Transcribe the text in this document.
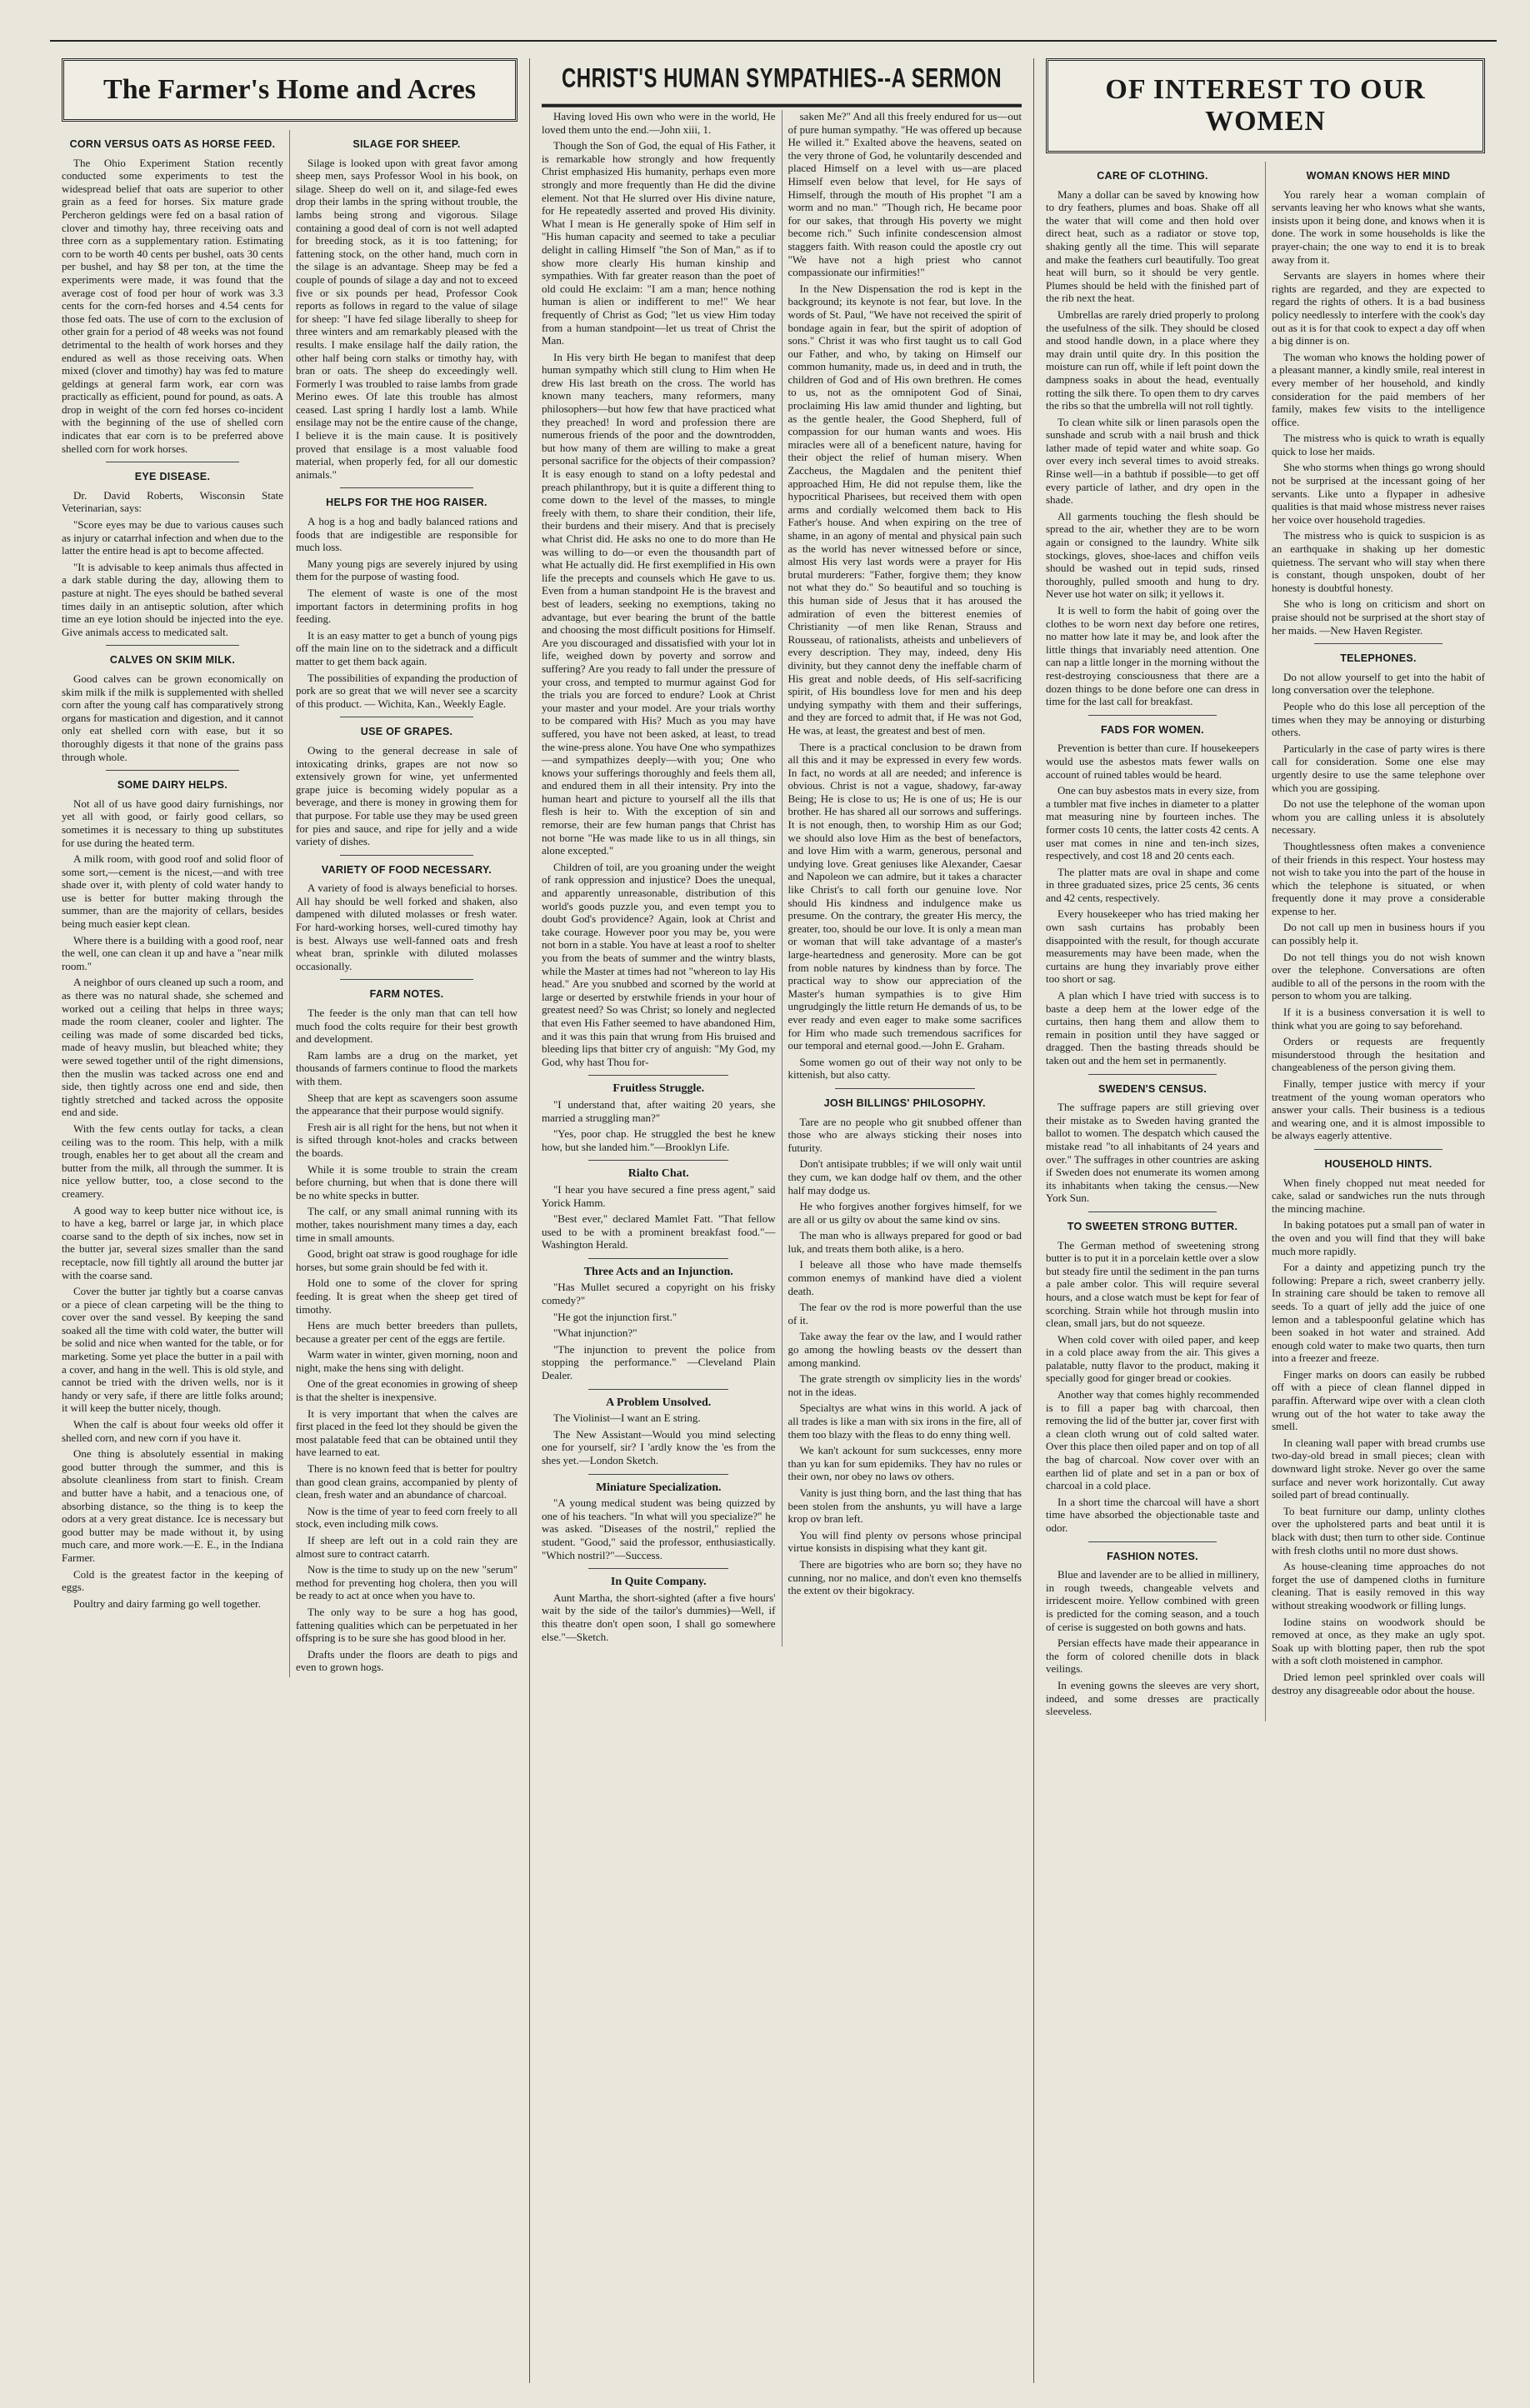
The Farmer's Home and Acres
CORN VERSUS OATS AS HORSE FEED.

The Ohio Experiment Station recently conducted some experiments to test the widespread belief that oats are superior to other grain as a feed for horses. Six mature grade Percheron geldings were fed on a basal ration of clover and timothy hay, three receiving oats and three corn as a supplementary ration. Estimating corn to be worth 40 cents per bushel, oats 30 cents per bushel, and hay $8 per ton, at the time the experiments were made, it was found that the average cost of food per hour of work was 3.3 cents for the corn-fed horses and 4.54 cents for those fed oats. The use of corn to the exclusion of other grain for a period of 48 weeks was not found detrimental to the health of work horses and they endured as well as those receiving oats. When mixed (clover and timothy) hay was fed to mature geldings at general farm work, ear corn was practically as efficient, pound for pound, as oats. A drop in weight of the corn fed horses co-incident with the beginning of the use of shelled corn indicates that ear corn is to be preferred above shelled corn for work horses.

EYE DISEASE.

Dr. David Roberts, Wisconsin State Veterinarian, says:

"Score eyes may be due to various causes such as injury or catarrhal infection and when due to the latter the entire head is apt to become affected.

"It is advisable to keep animals thus affected in a dark stable during the day, allowing them to pasture at night. The eyes should be bathed several times daily in an antiseptic solution, after which time an eye lotion should be injected into the eye. Give animals access to medicated salt.

CALVES ON SKIM MILK.

Good calves can be grown economically on skim milk if the milk is supplemented with shelled corn after the young calf has comparatively strong organs for mastication and digestion, and it cannot only eat shelled corn with ease, but it so thoroughly digests it that none of the grains pass through whole.

SOME DAIRY HELPS.

Not all of us have good dairy furnishings, nor yet all with good, or fairly good cellars, so sometimes it is necessary to thing up substitutes for use during the heated term.

A milk room, with good roof and solid floor of some sort,—cement is the nicest,—and with tree shade over it, with plenty of cold water handy to use is better for butter making through the summer, than are the majority of cellars, besides being much easier kept clean.

Where there is a building with a good roof, near the well, one can clean it up and have a "near milk room."

A neighbor of ours cleaned up such a room, and as there was no natural shade, she schemed and worked out a ceiling that helps in three ways; made the room cleaner, cooler and lighter. The ceiling was made of some discarded bed ticks, made of heavy muslin, but bleached white; they were sewed together until of the right dimensions, then the muslin was tacked across one end and side, then tightly across one end and side, then tightly stretched and tacked across the opposite end and side.

With the few cents outlay for tacks, a clean ceiling was to the room. This help, with a milk trough, enables her to get about all the cream and butter from the milk, all through the summer. It is nice yellow butter, too, a close second to the creamery.

A good way to keep butter nice without ice, is to have a keg, barrel or large jar, in which place coarse sand to the depth of six inches, now set in the butter jar, several sizes smaller than the sand receptacle, now fill tightly all around the butter jar with the coarse sand.

Cover the butter jar tightly but a coarse canvas or a piece of clean carpeting will be the thing to cover over the sand vessel. By keeping the sand soaked all the time with cold water, the butter will be solid and nice when wanted for the table, or for marketing. Some yet place the butter in a pail with a cover, and hang in the well. This is old style, and cannot be tried with the driven wells, nor is it handy or very safe, if there are little folks around; it will keep the butter nicely, though.

When the calf is about four weeks old offer it shelled corn, and new corn if you have it.

One thing is absolutely essential in making good butter through the summer, and this is absolute cleanliness from start to finish. Cream and butter have a habit, and a tenacious one, of absorbing distance, so the thing is to keep the odors at a very great distance. Ice is necessary but good butter may be made without it, by using much care, and more work.—E. E., in the Indiana Farmer.

Cold is the greatest factor in the keeping of eggs.

Poultry and dairy farming go well together.

SILAGE FOR SHEEP.

Silage is looked upon with great favor among sheep men, says Professor Wool in his book, on silage. Sheep do well on it, and silage-fed ewes drop their lambs in the spring without trouble, the lambs being strong and vigorous. Silage containing a good deal of corn is not well adapted for breeding stock, as it is too fattening; for fattening stock, on the other hand, much corn in the silage is an advantage. Sheep may be fed a couple of pounds of silage a day and not to exceed five or six pounds per head, Professor Cook reports as follows in regard to the value of silage for sheep: "I have fed silage liberally to sheep for three winters and am remarkably pleased with the results. I make ensilage half the daily ration, the other half being corn stalks or timothy hay, with bran or oats. The sheep do exceedingly well. Formerly I was troubled to raise lambs from grade Merino ewes. Of late this trouble has almost ceased. Last spring I hardly lost a lamb. While ensilage may not be the entire cause of the change, I believe it is the main cause. It is positively proved that ensilage is a most valuable food material, when properly fed, for all our domestic animals."

HELPS FOR THE HOG RAISER.

A hog is a hog and badly balanced rations and foods that are indigestible are responsible for much loss.

Many young pigs are severely injured by using them for the purpose of wasting food.

The element of waste is one of the most important factors in determining profits in hog feeding.

It is an easy matter to get a bunch of young pigs off the main line on to the sidetrack and a difficult matter to get them back again.

The possibilities of expanding the production of pork are so great that we will never see a scarcity of this product. — Wichita, Kan., Weekly Eagle.

USE OF GRAPES.

Owing to the general decrease in sale of intoxicating drinks, grapes are not now so extensively grown for wine, yet unfermented grape juice is becoming widely popular as a beverage, and there is money in growing them for that purpose. For table use they may be used green for pies and sauce, and ripe for jelly and a wide variety of dishes.

VARIETY OF FOOD NECESSARY.

A variety of food is always beneficial to horses. All hay should be well forked and shaken, also dampened with diluted molasses or fresh water. For hard-working horses, well-cured timothy hay is best. Always use well-fanned oats and fresh wheat bran, sprinkle with diluted molasses occasionally.

FARM NOTES.

The feeder is the only man that can tell how much food the colts require for their best growth and development.

Ram lambs are a drug on the market, yet thousands of farmers continue to flood the markets with them.

Sheep that are kept as scavengers soon assume the appearance that their purpose would signify.

Fresh air is all right for the hens, but not when it is sifted through knot-holes and cracks between the boards.

While it is some trouble to strain the cream before churning, but when that is done there will be no white specks in butter.

The calf, or any small animal running with its mother, takes nourishment many times a day, each time in small amounts.

Good, bright oat straw is good roughage for idle horses, but some grain should be fed with it.

Hold one to some of the clover for spring feeding. It is great when the sheep get tired of timothy.

Hens are much better breeders than pullets, because a greater per cent of the eggs are fertile.

Warm water in winter, given morning, noon and night, make the hens sing with delight.

One of the great economies in growing of sheep is that the shelter is inexpensive.

It is very important that when the calves are first placed in the feed lot they should be given the most palatable feed that can be obtained until they have learned to eat.

There is no known feed that is better for poultry than good clean grains, accompanied by plenty of clean, fresh water and an abundance of charcoal.

Now is the time of year to feed corn freely to all stock, even including milk cows.

If sheep are left out in a cold rain they are almost sure to contract catarrh.

Now is the time to study up on the new "serum" method for preventing hog cholera, then you will be ready to act at once when you have to.

The only way to be sure a hog has good, fattening qualities which can be perpetuated in her offspring is to be sure she has good blood in her.

Drafts under the floors are death to pigs and even to grown hogs.

CHRIST'S HUMAN SYMPATHIES--A SERMON

Having loved His own who were in the world, He loved them unto the end.—John xiii, 1.

Though the Son of God, the equal of His Father, it is remarkable how strongly and how frequently Christ emphasized His humanity, perhaps even more strongly and more frequently than He did the divine element. Not that He slurred over His divine nature, for He repeatedly asserted and proved His divinity. What I mean is He generally spoke of Him self in "His human capacity and seemed to take a peculiar delight in calling Himself "the Son of Man," as if to show more clearly His human kinship and sympathies. With far greater reason than the poet of old could He exclaim: "I am a man; hence nothing human is alien or indifferent to me!" We hear frequently of Christ as God; "let us view Him today from a human standpoint—let us treat of Christ the Man.

In His very birth He began to manifest that deep human sympathy which still clung to Him when He drew His last breath on the cross. The world has known many teachers, many reformers, many philosophers—but how few that have practiced what they preached! In word and profession there are numerous friends of the poor and the downtrodden, but how many of them are willing to make a great personal sacrifice for the objects of their compassion? It is easy enough to stand on a lofty pedestal and preach philanthropy, but it is quite a different thing to come down to the level of the masses, to mingle freely with them, to share their condition, their life, their burdens and their misery. And that is precisely what Christ did. He asks no one to do more than He was willing to do—or even the thousandth part of what He actually did. He first exemplified in His own life the precepts and counsels which He gave to us. Even from a human standpoint He is the bravest and best of leaders, seeking no exemptions, taking no advantage, but ever bearing the brunt of the battle and choosing the most difficult positions for Himself. Are you discouraged and dissatisfied with your lot in life, weighed down by poverty and sorrow and suffering? Are you ready to fall under the pressure of your cross, and tempted to murmur against God for the trials you are forced to endure? Look at Christ your master and your model. Are your trials worthy to be compared with His? Much as you may have suffered, you have not been asked, at least, to tread the wine-press alone. You have One who sympathizes—and sympathizes deeply—with you; One who knows your sufferings thoroughly and feels them all, and endured them in all their intensity. Pry into the human heart and picture to yourself all the ills that flesh is heir to. With the exception of sin and remorse, their are few human pangs that Christ has not borne "He was made like to us in all things, sin alone excepted."

Children of toil, are you groaning under the weight of rank oppression and injustice? Does the unequal, and apparently unreasonable, distribution of this world's goods puzzle you, and even tempt you to doubt God's providence? Again, look at Christ and take courage. However poor you may be, you were not born in a stable. You have at least a roof to shelter you from the beats of summer and the wintry blasts, while the Master at times had not "whereon to lay His head." Are you snubbed and scorned by the world at large or deserted by erstwhile friends in your hour of greatest need? So was Christ; so lonely and neglected that even His Father seemed to have abandoned Him, and it was this pain that wrung from His bruised and bleeding lips that bitter cry of anguish: "My God, my God, why hast Thou for-

Fruitless Struggle.

"I understand that, after waiting 20 years, she married a struggling man?"

"Yes, poor chap. He struggled the best he knew how, but she landed him."—Brooklyn Life.

Rialto Chat.

"I hear you have secured a fine press agent," said Yorick Hamm.

"Best ever," declared Mamlet Fatt. "That fellow used to be with a prominent breakfast food."—Washington Herald.

Three Acts and an Injunction.

"Has Mullet secured a copyright on his frisky comedy?"

"He got the injunction first."

"What injunction?"

"The injunction to prevent the police from stopping the performance." —Cleveland Plain Dealer.

A Problem Unsolved.

The Violinist—I want an E string.

The New Assistant—Would you mind selecting one for yourself, sir? I 'ardly know the 'es from the shes yet.—London Sketch.

Miniature Specialization.

"A young medical student was being quizzed by one of his teachers. "In what will you specialize?" he was asked. "Diseases of the nostril," replied the student. "Good," said the professor, enthusiastically. "Which nostril?"—Success.

In Quite Company.

Aunt Martha, the short-sighted (after a five hours' wait by the side of the tailor's dummies)—Well, if this theatre don't open soon, I shall go somewhere else."—Sketch.

saken Me?" And all this freely endured for us—out of pure human sympathy. "He was offered up because He willed it." Exalted above the heavens, seated on the very throne of God, he voluntarily descended and placed Himself on a level with us—are placed Himself even below that level, for He says of Himself, through the mouth of His prophet "I am a worm and no man." "Though rich, He became poor for our sakes, that through His poverty we might become rich." Such infinite condescension almost staggers faith. With reason could the apostle cry out "We have not a high priest who cannot compassionate our infirmities!"

In the New Dispensation the rod is kept in the background; its keynote is not fear, but love. In the words of St. Paul, "We have not received the spirit of bondage again in fear, but the spirit of adoption of sons." Christ it was who first taught us to call God our Father, and who, by taking on Himself our common humanity, made us, in deed and in truth, the children of God and of His own brethren. He comes to us, not as the omnipotent God of Sinai, proclaiming His law amid thunder and lighting, but as the gentle healer, the Good Shepherd, full of compassion for our human wants and woes. His miracles were all of a beneficent nature, having for their object the relief of human misery. When Zaccheus, the Magdalen and the penitent thief approached Him, He did not repulse them, like the hypocritical Pharisees, but received them with open arms and cordially welcomed them back to His Father's house. And when expiring on the tree of shame, in an agony of mental and physical pain such as the world has never witnessed before or since, almost His very last words were a prayer for His brutal murderers: "Father, forgive them; they know not what they do." So beautiful and so touching is this human side of Jesus that it has aroused the admiration of even the bitterest enemies of Christianity —of men like Renan, Strauss and Rousseau, of rationalists, atheists and unbelievers of every description. They may, indeed, deny His divinity, but they cannot deny the ineffable charm of His great and noble deeds, of His self-sacrificing spirit, of His boundless love for men and his deep undying sympathy with them and their sufferings, and they are forced to admit that, if He was not God, He was, at least, the greatest and best of men.

There is a practical conclusion to be drawn from all this and it may be expressed in every few words. In fact, no words at all are needed; and inference is obvious. Christ is not a vague, shadowy, far-away Being; He is close to us; He is one of us; He is our brother. He has shared all our sorrows and sufferings. It is not enough, then, to worship Him as our God; we should also love Him as the best of benefactors, and love Him with a warm, generous, personal and undying love. Great geniuses like Alexander, Caesar and Napoleon we can admire, but it takes a character like Christ's to call forth our genuine love. Nor should His kindness and indulgence make us presume. On the contrary, the greater His mercy, the greater, too, should be our love. It is only a mean man or woman that will take advantage of a master's large-heartedness and generosity. More can be got from noble natures by kindness than by force. The practical way to show our appreciation of the Master's human sympathies is to give Him ungrudgingly the little return He demands of us, to be ever ready and even eager to make some sacrifices for Him who made such tremendous sacrifices for our temporal and eternal good.—John E. Graham.

Some women go out of their way not only to be kittenish, but also catty.

JOSH BILLINGS' PHILOSOPHY.

Tare are no people who git snubbed offener than those who are always sticking their noses into futurity.

Don't antisipate trubbles; if we will only wait until they cum, we kan dodge half ov them, and the other half may dodge us.

He who forgives another forgives himself, for we are all or us gilty ov about the same kind ov sins.

The man who is allways prepared for good or bad luk, and treats them both alike, is a hero.

I beleave all those who have made themselfs common enemys of mankind have died a violent death.

The fear ov the rod is more powerful than the use of it.

Take away the fear ov the law, and I would rather go among the howling beasts ov the dessert than among mankind.

The grate strength ov simplicity lies in the words' not in the ideas.

Specialtys are what wins in this world. A jack of all trades is like a man with six irons in the fire, all of them too blazy with the fleas to do enny thing well.

We kan't ackount for sum suckcesses, enny more than yu kan for sum epidemiks. They hav no rules or their own, nor obey no laws ov others.

Vanity is just thing born, and the last thing that has been stolen from the anshunts, yu will have a large krop ov bran left.

You will find plenty ov persons whose principal virtue konsists in dispising what they kant git.

There are bigotries who are born so; they have no cunning, nor no malice, and don't even kno themselfs the extent ov their bigokracy.

OF INTEREST TO OUR WOMEN
CARE OF CLOTHING.

Many a dollar can be saved by knowing how to dry feathers, plumes and boas. Shake off all the water that will come and then hold over direct heat, such as a radiator or stove top, shaking gently all the time. This will separate and make the feathers curl beautifully. Too great heat will burn, so it should be very gentle. Plumes should be held with the finished part of the rib next the heat.

Umbrellas are rarely dried properly to prolong the usefulness of the silk. They should be closed and stood handle down, in a place where they may drain until quite dry. In this position the moisture can run off, while if left point down the dampness soaks in about the head, eventually rotting the silk there. To open them to dry carves the ribs so that the umbrella will not roll tightly.

To clean white silk or linen parasols open the sunshade and scrub with a nail brush and thick lather made of tepid water and white soap. Go over every inch several times to avoid streaks. Rinse well—in a bathtub if possible—to get off every particle of lather, and dry open in the shade.

All garments touching the flesh should be spread to the air, whether they are to be worn again or consigned to the laundry. White silk stockings, gloves, shoe-laces and chiffon veils should be washed out in tepid suds, rinsed thoroughly, pulled smooth and hung to dry. Never use hot water on silk; it yellows it.

It is well to form the habit of going over the clothes to be worn next day before one retires, no matter how late it may be, and look after the little things that invariably need attention. One can nap a little longer in the morning without the rest-destroying consciousness that there are a dozen things to be done before one can dress in time for the last call for breakfast.

FADS FOR WOMEN.

Prevention is better than cure. If housekeepers would use the asbestos mats fewer walls on account of ruined tables would be heard.

One can buy asbestos mats in every size, from a tumbler mat five inches in diameter to a platter mat measuring nine by fourteen inches. The former costs 10 cents, the latter costs 42 cents. A user mat comes in nine and ten-inch sizes, respectively, and cost 18 and 20 cents each.

The platter mats are oval in shape and come in three graduated sizes, price 25 cents, 36 cents and 42 cents, respectively.

Every housekeeper who has tried making her own sash curtains has probably been disappointed with the result, for though accurate measurements may have been made, when the curtains are hung they invariably prove either too short or sag.

A plan which I have tried with success is to baste a deep hem at the lower edge of the curtains, then hang them and allow them to remain in position until they have sagged or dragged. Then the basting threads should be taken out and the hem set in permanently.

SWEDEN'S CENSUS.

The suffrage papers are still grieving over their mistake as to Sweden having granted the ballot to women. The despatch which caused the mistake read "to all inhabitants of 24 years and over." The suffrages in other countries are asking if Sweden does not enumerate its women among its inhabitants when taking the census.—New York Sun.

TO SWEETEN STRONG BUTTER.

The German method of sweetening strong butter is to put it in a porcelain kettle over a slow but steady fire until the sediment in the pan turns a pale amber color. This will require several hours, and a close watch must be kept for fear of scorching. Strain while hot through muslin into clean, small jars, but do not squeeze.

When cold cover with oiled paper, and keep in a cold place away from the air. This gives a palatable, nutty flavor to the product, making it specially good for ginger bread or cookies.

Another way that comes highly recommended is to fill a paper bag with charcoal, then removing the lid of the butter jar, cover first with a clean cloth wrung out of cold salted water. Over this place then oiled paper and on top of all the bag of charcoal. Now cover over with an earthen lid of plate and set in a pan or box of charcoal in a cold place.

In a short time the charcoal will have a short time have absorbed the objectionable taste and odor.

FASHION NOTES.

Blue and lavender are to be allied in millinery, in rough tweeds, changeable velvets and irridescent moire. Yellow combined with green is predicted for the coming season, and a touch of cerise is suggested on both gowns and hats.

Persian effects have made their appearance in the form of colored chenille dots in black veilings.

In evening gowns the sleeves are very short, indeed, and some dresses are practically sleeveless.

WOMAN KNOWS HER MIND

You rarely hear a woman complain of servants leaving her who knows what she wants, insists upon it being done, and knows when it is done. The work in some households is like the prayer-chain; the one way to end it is to break away from it.

Servants are slayers in homes where their rights are regarded, and they are expected to regard the rights of others. It is a bad business policy needlessly to interfere with the cook's day out as it is for that cook to expect a day off when a big dinner is on.

The woman who knows the holding power of a pleasant manner, a kindly smile, real interest in every member of her household, and kindly consideration for the paid members of her family, makes few visits to the intelligence office.

The mistress who is quick to wrath is equally quick to lose her maids.

She who storms when things go wrong should not be surprised at the incessant going of her servants. Like unto a flypaper in adhesive qualities is that maid whose mistress never raises her voice over household tragedies.

The mistress who is quick to suspicion is as an earthquake in shaking up her domestic quietness. The servant who will stay when there is constant, though unspoken, doubt of her honesty is doubtful honesty.

She who is long on criticism and short on praise should not be surprised at the short stay of her maids. —New Haven Register.

TELEPHONES.

Do not allow yourself to get into the habit of long conversation over the telephone.

People who do this lose all perception of the times when they may be annoying or disturbing others.

Particularly in the case of party wires is there call for consideration. Some one else may urgently desire to use the same telephone over which you are gossiping.

Do not use the telephone of the woman upon whom you are calling unless it is absolutely necessary.

Thoughtlessness often makes a convenience of their friends in this respect. Your hostess may not wish to take you into the part of the house in which the telephone is situated, or when frequently done it may prove a considerable expense to her.

Do not call up men in business hours if you can possibly help it.

Do not tell things you do not wish known over the telephone. Conversations are often audible to all of the persons in the room with the person to whom you are talking.

If it is a business conversation it is well to think what you are going to say beforehand.

Orders or requests are frequently misunderstood through the hesitation and changeableness of the person giving them.

Finally, temper justice with mercy if your treatment of the young woman operators who answer your calls. Their business is a tedious and wearing one, and it is almost impossible to be always eagerly attentive.

HOUSEHOLD HINTS.

When finely chopped nut meat needed for cake, salad or sandwiches run the nuts through the mincing machine.

In baking potatoes put a small pan of water in the oven and you will find that they will bake much more rapidly.

For a dainty and appetizing punch try the following: Prepare a rich, sweet cranberry jelly. In straining care should be taken to remove all seeds. To a quart of jelly add the juice of one lemon and a tablespoonful gelatine which has been soaked in hot water and strained. Add enough cold water to make two quarts, then turn into a freezer and freeze.

Finger marks on doors can easily be rubbed off with a piece of clean flannel dipped in paraffin. Afterward wipe over with a clean cloth wrung out of the hot water to take away the smell.

In cleaning wall paper with bread crumbs use two-day-old bread in small pieces; clean with downward light stroke. Never go over the same surface and never work horizontally. Cut away soiled part of bread continually.

To beat furniture our damp, unlinty clothes over the upholstered parts and beat until it is black with dust; then turn to other side. Continue with fresh cloths until no more dust shows.

As house-cleaning time approaches do not forget the use of dampened cloths in furniture cleaning. That is easily removed in this way without streaking woodwork or filling lungs.

Iodine stains on woodwork should be removed at once, as they make an ugly spot. Soak up with blotting paper, then rub the spot with a soft cloth moistened in camphor.

Dried lemon peel sprinkled over coals will destroy any disagreeable odor about the house.
